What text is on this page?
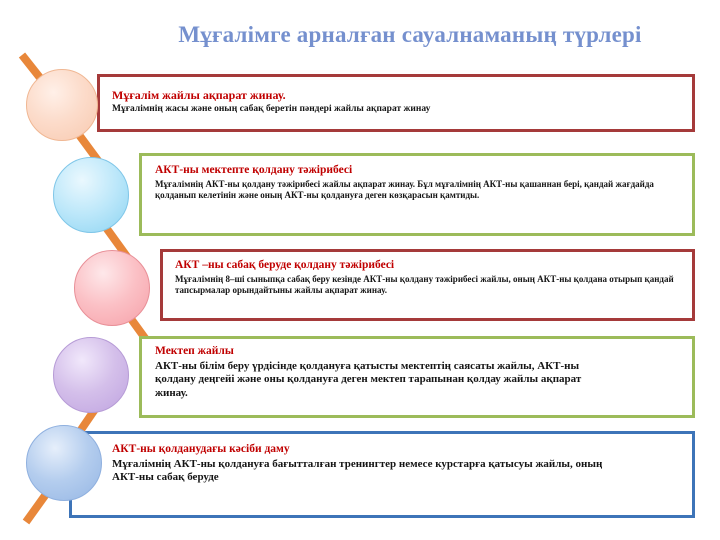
Мұғалімге арналған сауалнаманың түрлері

Мұғалім жайлы ақпарат жинау.

Мұғалімнің жасы және оның сабақ беретін пәндері жайлы ақпарат жинау

АКТ-ны мектепте қолдану тәжірибесі

Мұғалімнің АКТ-ны қолдану тәжірибесі жайлы ақпарат жинау. Бұл мұғалімнің АКТ-ны қашаннан бері, қандай жағдайда қолданып келетінін және оның АКТ-ны қолдануға деген көзқарасын қамтиды.

АКТ –ны сабақ беруде қолдану тәжірибесі

Мұғалімнің 8–ші сыныпқа сабақ беру кезінде АКТ-ны қолдану тәжірибесі жайлы, оның АКТ-ны қолдана отырып қандай тапсырмалар орындайтыны жайлы ақпарат жинау.

Мектеп жайлы

АКТ-ны білім беру үрдісінде қолдануға қатысты мектептің саясаты жайлы, АКТ-ны қолдану деңгейі және оны қолдануға деген мектеп тарапынан қолдау жайлы ақпарат жинау.

АКТ-ны қолданудағы кәсіби даму

Мұғалімнің АКТ-ны қолдануға бағытталған тренингтер немесе курстарға қатысуы жайлы, оның АКТ-ны сабақ беруде
